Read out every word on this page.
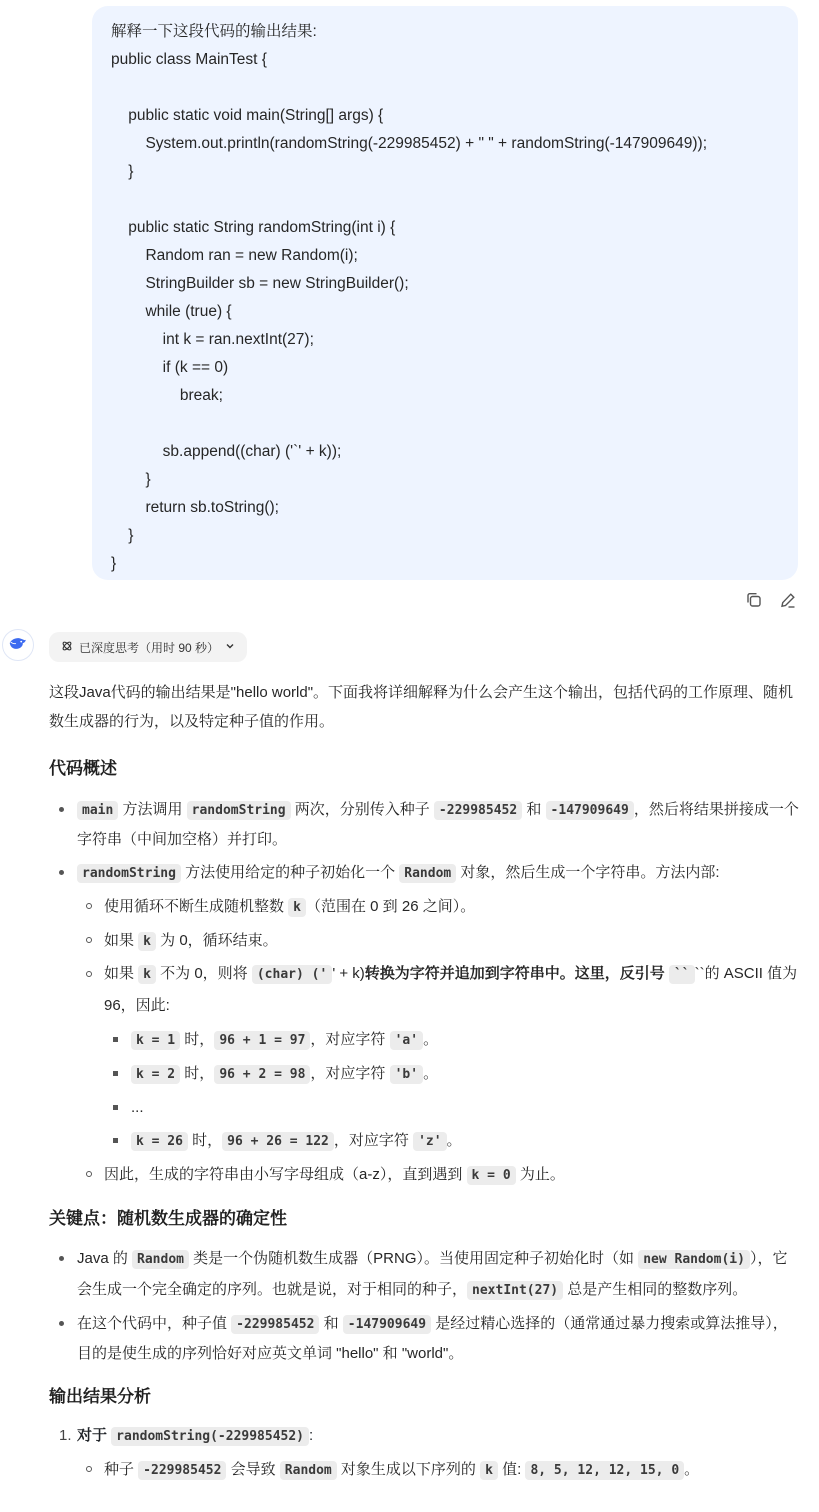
解释一下这段代码的输出结果:
public class MainTest {
public static void main(String[] args) {
System.out.println(randomString(-229985452) + " " + randomString(-147909649));
}
public static String randomString(int i) {
Random ran = new Random(i);
StringBuilder sb = new StringBuilder();
while (true) {
int k = ran.nextInt(27);
if (k == 0)
break;
sb.append((char) ('`' + k));
}
return sb.toString();
}
}
已深度思考（用时 90 秒）

这段Java代码的输出结果是"hello world"。下面我将详细解释为什么会产生这个输出，包括代码的工作原理、随机数生成器的行为，以及特定种子值的作用。

代码概述
main 方法调用 randomString 两次，分别传入种子 -229985452 和 -147909649 ，然后将结果拼接成一个字符串（中间加空格）并打印。
randomString 方法使用给定的种子初始化一个 Random 对象，然后生成一个字符串。方法内部:
使用循环不断生成随机整数 k （范围在 0 到 26 之间）。
如果 k 为 0，循环结束。
如果 k 不为 0，则将 (char) (' ' + k)转换为字符并追加到字符串中。这里，反引号 `` ``的 ASCII 值为 96，因此:
k = 1 时， 96 + 1 = 97 ，对应字符 'a' 。
k = 2 时， 96 + 2 = 98 ，对应字符 'b' 。
...
k = 26 时， 96 + 26 = 122 ，对应字符 'z' 。
因此，生成的字符串由小写字母组成（a-z），直到遇到 k = 0 为止。
关键点：随机数生成器的确定性
Java 的 Random 类是一个伪随机数生成器（PRNG）。当使用固定种子初始化时（如 new Random(i) ），它会生成一个完全确定的序列。也就是说，对于相同的种子， nextInt(27) 总是产生相同的整数序列。
在这个代码中，种子值 -229985452 和 -147909649 是经过精心选择的（通常通过暴力搜索或算法推导），目的是使生成的序列恰好对应英文单词 "hello" 和 "world"。
输出结果分析
1. 对于 randomString(-229985452) :
种子 -229985452 会导致 Random 对象生成以下序列的 k 值: 8, 5, 12, 12, 15, 0 。
